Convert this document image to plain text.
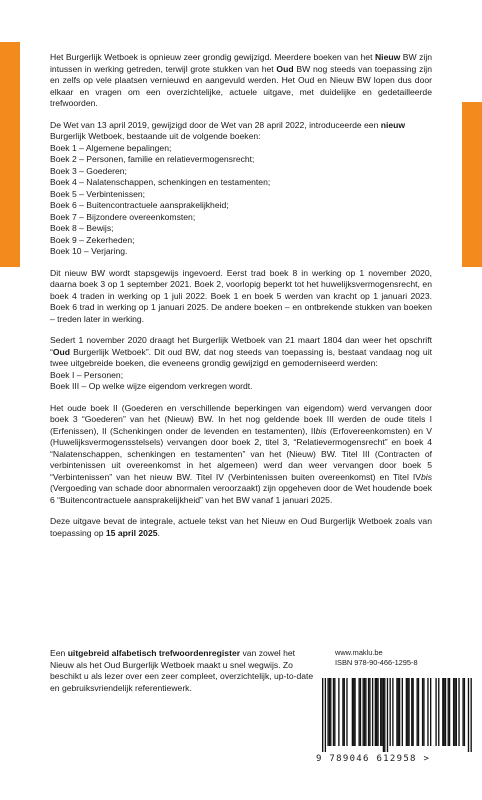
Het Burgerlijk Wetboek is opnieuw zeer grondig gewijzigd. Meerdere boeken van het Nieuw BW zijn intussen in werking getreden, terwijl grote stukken van het Oud BW nog steeds van toepassing zijn en zelfs op vele plaatsen vernieuwd en aangevuld werden. Het Oud en Nieuw BW lopen dus door elkaar en vragen om een overzichtelijke, actuele uitgave, met duidelijke en gedetailleerde trefwoorden.

De Wet van 13 april 2019, gewijzigd door de Wet van 28 april 2022, introduceerde een nieuw Burgerlijk Wetboek, bestaande uit de volgende boeken:

Boek 1 – Algemene bepalingen;
Boek 2 – Personen, familie en relatievermogensrecht;
Boek 3 – Goederen;
Boek 4 – Nalatenschappen, schenkingen en testamenten;
Boek 5 – Verbintenissen;
Boek 6 – Buitencontractuele aansprakelijkheid;
Boek 7 – Bijzondere overeenkomsten;
Boek 8 – Bewijs;
Boek 9 – Zekerheden;
Boek 10 – Verjaring.

Dit nieuw BW wordt stapsgewijs ingevoerd. Eerst trad boek 8 in werking op 1 november 2020, daarna boek 3 op 1 september 2021. Boek 2, voorlopig beperkt tot het huwelijksvermogensrecht, en boek 4 traden in werking op 1 juli 2022. Boek 1 en boek 5 werden van kracht op 1 januari 2023. Boek 6 trad in werking op 1 januari 2025. De andere boeken – en ontbrekende stukken van boeken – treden later in werking.

Sedert 1 november 2020 draagt het Burgerlijk Wetboek van 21 maart 1804 dan weer het opschrift “Oud Burgerlijk Wetboek”. Dit oud BW, dat nog steeds van toepassing is, bestaat vandaag nog uit twee uitgebreide boeken, die eveneens grondig gewijzigd en gemoderniseerd werden:

Boek I – Personen;
Boek III – Op welke wijze eigendom verkregen wordt.

Het oude boek II (Goederen en verschillende beperkingen van eigendom) werd vervangen door boek 3 “Goederen” van het (Nieuw) BW. In het nog geldende boek III werden de oude titels I (Erfenissen), II (Schenkingen onder de levenden en testamenten), IIbis (Erfovereenkomsten) en V (Huwelijksvermogensstelsels) vervangen door boek 2, titel 3, “Relatievermogensrecht” en boek 4 “Nalatenschappen, schenkingen en testamenten” van het (Nieuw) BW. Titel III (Contracten of verbintenissen uit overeenkomst in het algemeen) werd dan weer vervangen door boek 5 “Verbintenissen” van het nieuw BW. Titel IV (Verbintenissen buiten overeenkomst) en Titel IVbis (Vergoeding van schade door abnormalen veroorzaakt) zijn opgeheven door de Wet houdende boek 6 “Buitencontractuele aansprakelijkheid” van het BW vanaf 1 januari 2025.

Deze uitgave bevat de integrale, actuele tekst van het Nieuw en Oud Burgerlijk Wetboek zoals van toepassing op 15 april 2025.

Een uitgebreid alfabetisch trefwoordenregister van zowel het Nieuw als het Oud Burgerlijk Wetboek maakt u snel wegwijs. Zo beschikt u als lezer over een zeer compleet, overzichtelijk, up-to-date en gebruiksvriendelijk referentiewerk.
www.maklu.be
ISBN 978-90-466-1295-8
9 789046 612958 >
